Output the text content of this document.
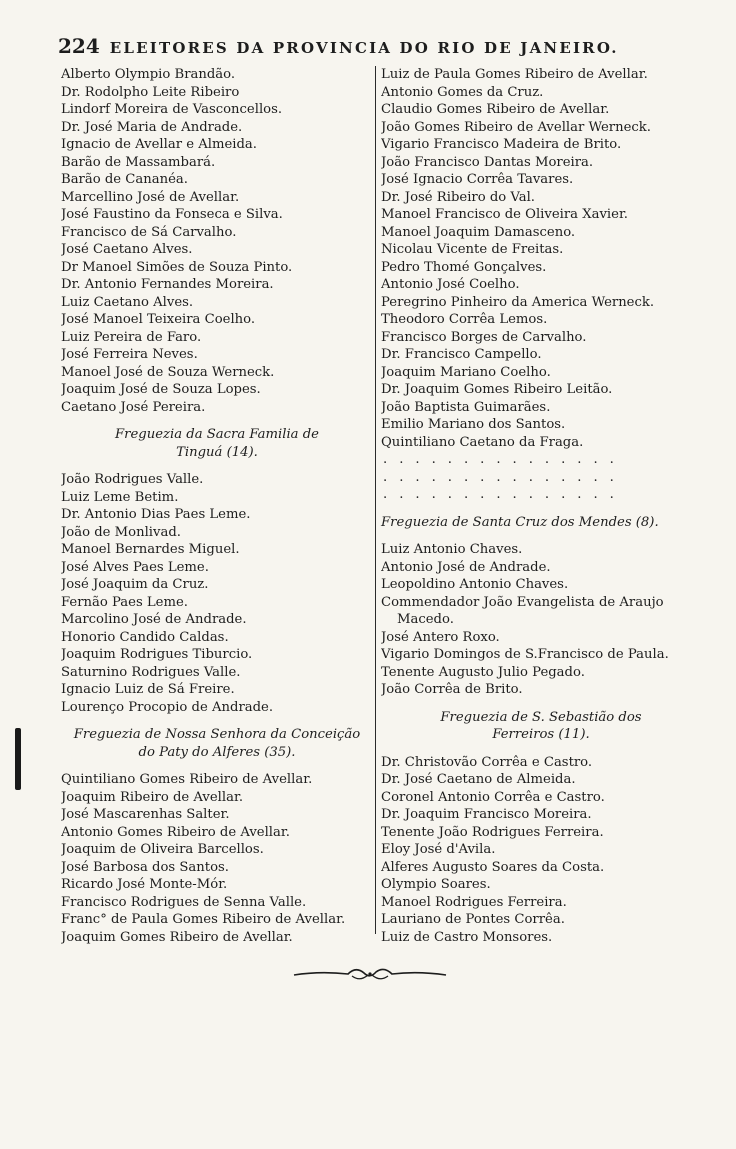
224 ELEITORES DA PROVINCIA DO RIO DE JANEIRO.
Alberto Olympio Brandão.
Dr. Rodolpho Leite Ribeiro
Lindorf Moreira de Vasconcellos.
Dr. José Maria de Andrade.
Ignacio de Avellar e Almeida.
Barão de Massambará.
Barão de Cananéa.
Marcellino José de Avellar.
José Faustino da Fonseca e Silva.
Francisco de Sá Carvalho.
José Caetano Alves.
Dr Manoel Simões de Souza Pinto.
Dr. Antonio Fernandes Moreira.
Luiz Caetano Alves.
José Manoel Teixeira Coelho.
Luiz Pereira de Faro.
José Ferreira Neves.
Manoel José de Souza Werneck.
Joaquim José de Souza Lopes.
Caetano José Pereira.
Freguezia da Sacra Familia de
Tinguá (14).
João Rodrigues Valle.
Luiz Leme Betim.
Dr. Antonio Dias Paes Leme.
João de Monlivad.
Manoel Bernardes Miguel.
José Alves Paes Leme.
José Joaquim da Cruz.
Fernão Paes Leme.
Marcolino José de Andrade.
Honorio Candido Caldas.
Joaquim Rodrigues Tiburcio.
Saturnino Rodrigues Valle.
Ignacio Luiz de Sá Freire.
Lourenço Procopio de Andrade.
Freguezia de Nossa Senhora da Conceição
do Paty do Alferes (35).
Quintiliano Gomes Ribeiro de Avellar.
Joaquim Ribeiro de Avellar.
José Mascarenhas Salter.
Antonio Gomes Ribeiro de Avellar.
Joaquim de Oliveira Barcellos.
José Barbosa dos Santos.
Ricardo José Monte-Mór.
Francisco Rodrigues de Senna Valle.
Franc° de Paula Gomes Ribeiro de Avellar.
Joaquim Gomes Ribeiro de Avellar.
Luiz de Paula Gomes Ribeiro de Avellar.
Antonio Gomes da Cruz.
Claudio Gomes Ribeiro de Avellar.
João Gomes Ribeiro de Avellar Werneck.
Vigario Francisco Madeira de Brito.
João Francisco Dantas Moreira.
José Ignacio Corrêa Tavares.
Dr. José Ribeiro do Val.
Manoel Francisco de Oliveira Xavier.
Manoel Joaquim Damasceno.
Nicolau Vicente de Freitas.
Pedro Thomé Gonçalves.
Antonio José Coelho.
Peregrino Pinheiro da America Werneck.
Theodoro Corrêa Lemos.
Francisco Borges de Carvalho.
Dr. Francisco Campello.
Joaquim Mariano Coelho.
Dr. Joaquim Gomes Ribeiro Leitão.
João Baptista Guimarães.
Emilio Mariano dos Santos.
Quintiliano Caetano da Fraga.
...............
...............
...............
Freguezia de Santa Cruz dos Mendes (8).
Luiz Antonio Chaves.
Antonio José de Andrade.
Leopoldino Antonio Chaves.
Commendador João Evangelista de Araujo
Macedo.
José Antero Roxo.
Vigario Domingos de S.Francisco de Paula.
Tenente Augusto Julio Pegado.
João Corrêa de Brito.
Freguezia de S. Sebastião dos
Ferreiros (11).
Dr. Christovão Corrêa e Castro.
Dr. José Caetano de Almeida.
Coronel Antonio Corrêa e Castro.
Dr. Joaquim Francisco Moreira.
Tenente João Rodrigues Ferreira.
Eloy José d'Avila.
Alferes Augusto Soares da Costa.
Olympio Soares.
Manoel Rodrigues Ferreira.
Lauriano de Pontes Corrêa.
Luiz de Castro Monsores.
